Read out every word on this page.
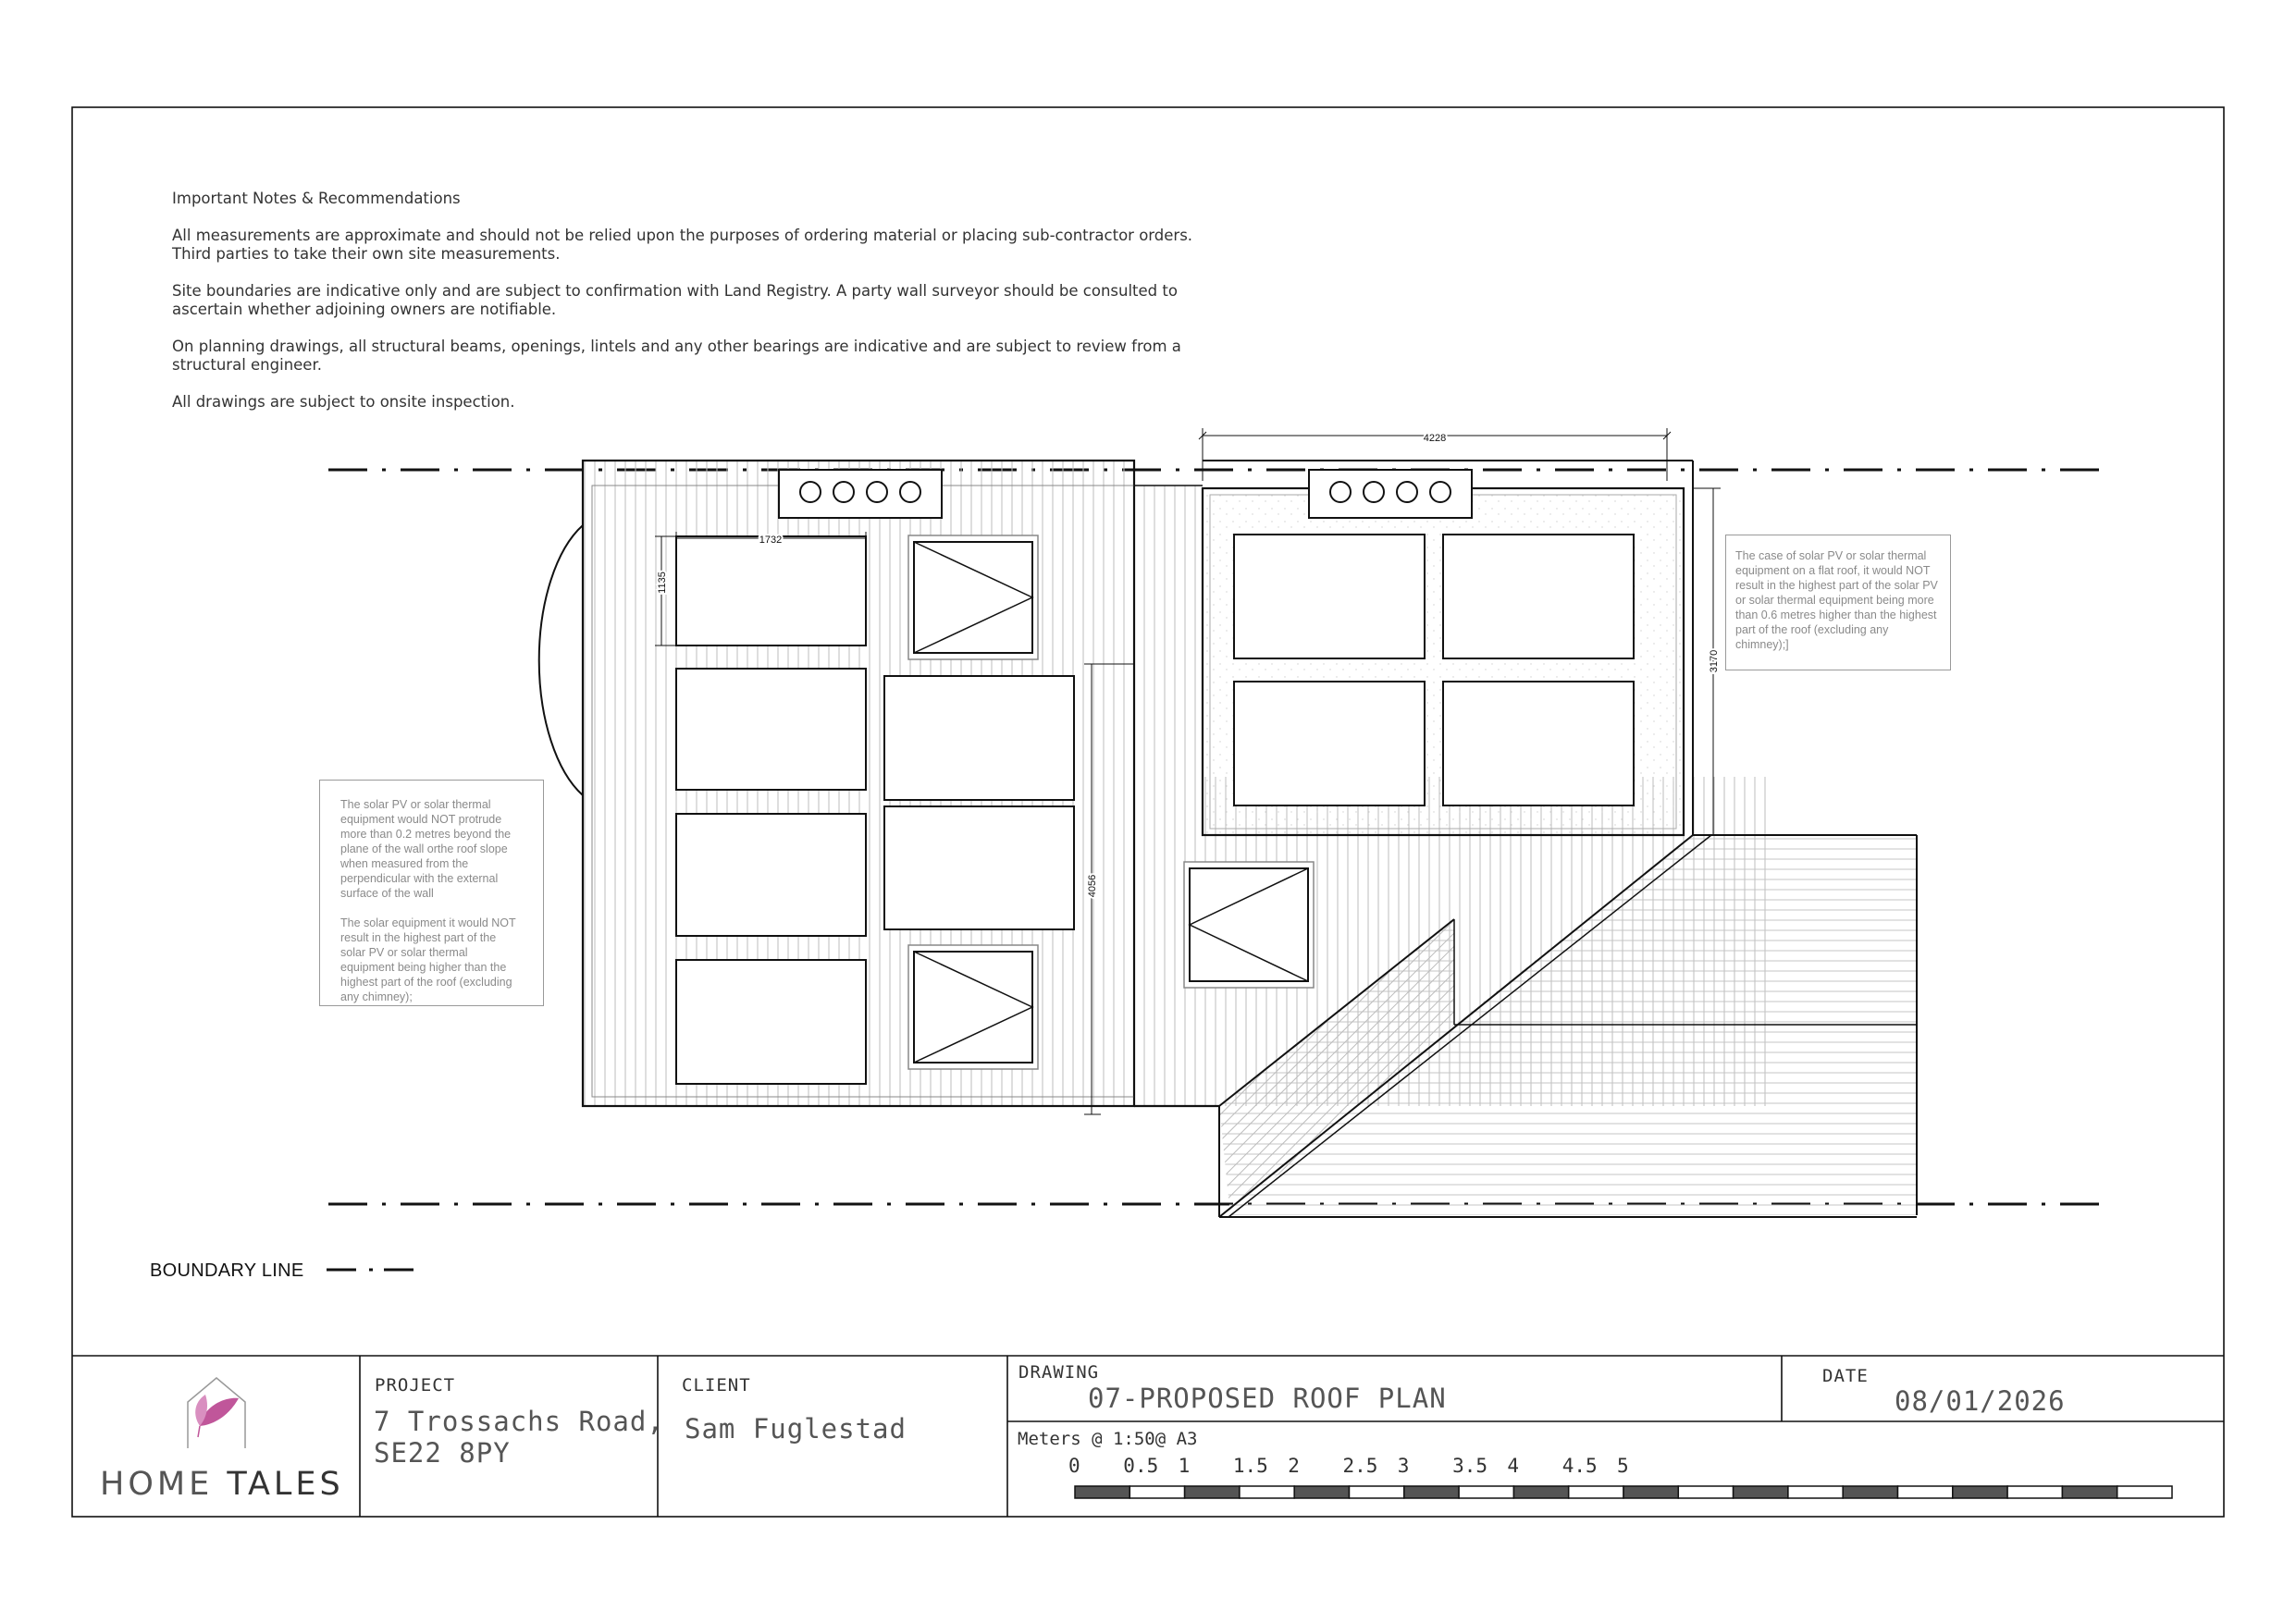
4228
1732
1135
3170
4056

Important Notes & Recommendations

All measurements are approximate and should not be relied upon the purposes of ordering material or placing sub-contractor orders. Third parties to take their own site measurements.

Site boundaries are indicative only and are subject to confirmation with Land Registry. A party wall surveyor should be consulted to ascertain whether adjoining owners are notifiable.

On planning drawings, all structural beams, openings, lintels and any other bearings are indicative and are subject to review from a structural engineer.

All drawings are subject to onsite inspection.

The solar PV or solar thermal equipment would NOT protrude more than 0.2 metres beyond the plane of the wall orthe roof slope when measured from the perpendicular with the external surface of the wall

The solar equipment it would NOT result in the highest part of the solar PV or solar thermal equipment being higher than the highest part of the roof (excluding any chimney);

The case of solar PV or solar thermal equipment on a flat roof, it would NOT result in the highest part of the solar PV or solar thermal equipment being more than 0.6 metres higher than the highest part of the roof (excluding any chimney);]
BOUNDARY LINE
HOME TALES
PROJECT
7 Trossachs Road,
SE22 8PY
CLIENT
Sam Fuglestad
DRAWING
07-PROPOSED ROOF PLAN
DATE
08/01/2026
Meters @ 1:50@ A3
0 0.5 1 1.5 2 2.5 3 3.5 4 4.5 5
